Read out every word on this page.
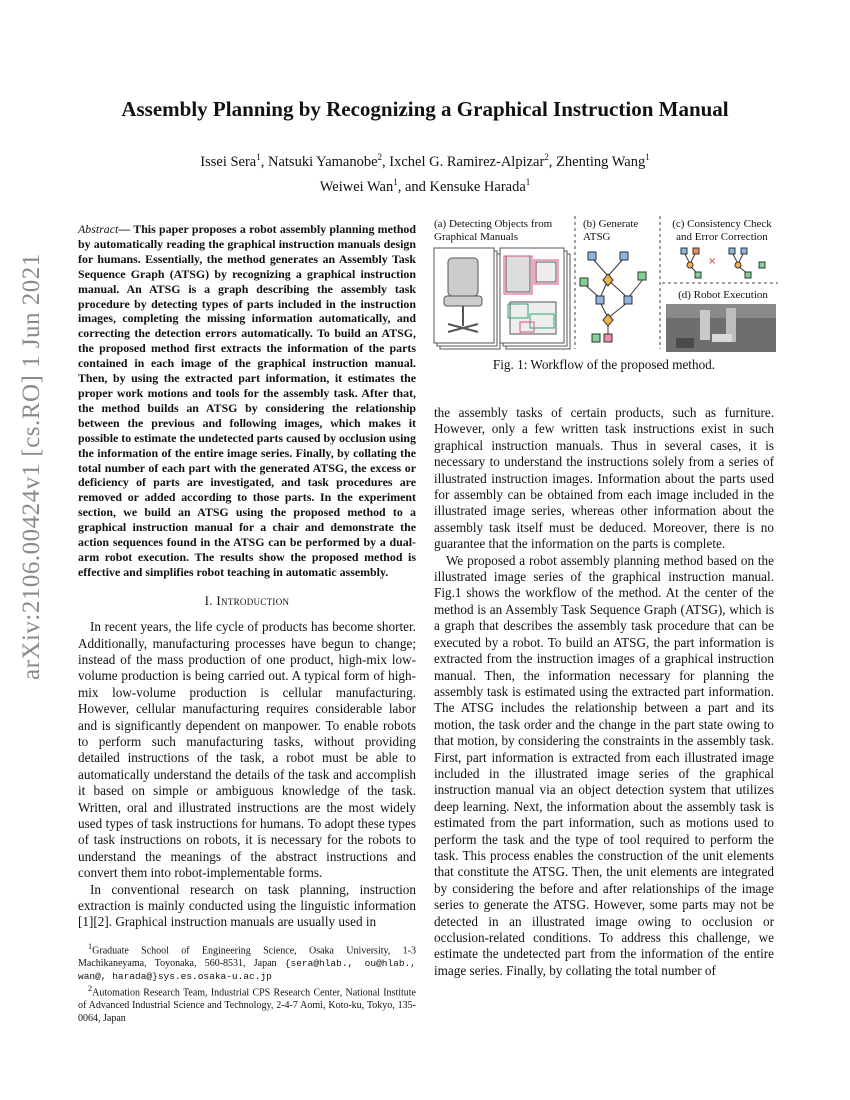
arXiv:2106.00424v1 [cs.RO] 1 Jun 2021
Assembly Planning by Recognizing a Graphical Instruction Manual
Issei Sera$^1$, Natsuki Yamanobe$^2$, Ixchel G. Ramirez-Alpizar$^2$, Zhenting Wang$^1$
Weiwei Wan$^1$, and Kensuke Harada$^1$

Abstract— This paper proposes a robot assembly planning method by automatically reading the graphical instruction manuals design for humans. Essentially, the method generates an Assembly Task Sequence Graph (ATSG) by recognizing a graphical instruction manual. An ATSG is a graph describing the assembly task procedure by detecting types of parts included in the instruction images, completing the missing information automatically, and correcting the detection errors automatically. To build an ATSG, the proposed method first extracts the information of the parts contained in each image of the graphical instruction manual. Then, by using the extracted part information, it estimates the proper work motions and tools for the assembly task. After that, the method builds an ATSG by considering the relationship between the previous and following images, which makes it possible to estimate the undetected parts caused by occlusion using the information of the entire image series. Finally, by collating the total number of each part with the generated ATSG, the excess or deficiency of parts are investigated, and task procedures are removed or added according to those parts. In the experiment section, we build an ATSG using the proposed method to a graphical instruction manual for a chair and demonstrate the action sequences found in the ATSG can be performed by a dual-arm robot execution. The results show the proposed method is effective and simplifies robot teaching in automatic assembly.

I. Introduction

In recent years, the life cycle of products has become shorter. Additionally, manufacturing processes have begun to change; instead of the mass production of one product, high-mix low-volume production is being carried out. A typical form of high-mix low-volume production is cellular manufacturing. However, cellular manufacturing requires considerable labor and is significantly dependent on manpower. To enable robots to perform such manufacturing tasks, without providing detailed instructions of the task, a robot must be able to automatically understand the details of the task and accomplish it based on simple or ambiguous knowledge of the task. Written, oral and illustrated instructions are the most widely used types of task instructions for humans. To adopt these types of task instructions on robots, it is necessary for the robots to understand the meanings of the abstract instructions and convert them into robot-implementable forms.

In conventional research on task planning, instruction extraction is mainly conducted using the linguistic information [1][2]. Graphical instruction manuals are usually used in

$^1$Graduate School of Engineering Science, Osaka University, 1-3 Machikaneyama, Toyonaka, 560-8531, Japan {sera@hlab., ou@hlab., wan@, harada@}sys.es.osaka-u.ac.jp

$^2$Automation Research Team, Industrial CPS Research Center, National Institute of Advanced Industrial Science and Technology, 2-4-7 Aomi, Koto-ku, Tokyo, 135-0064, Japan

(a) Detecting Objects from Graphical Manuals
(b) Generate ATSG
(c) Consistency Check and Error Correction
(d) Robot Execution
×
Fig. 1: Workflow of the proposed method.

the assembly tasks of certain products, such as furniture. However, only a few written task instructions exist in such graphical instruction manuals. Thus in several cases, it is necessary to understand the instructions solely from a series of illustrated instruction images. Information about the parts used for assembly can be obtained from each image included in the illustrated image series, whereas other information about the assembly task itself must be deduced. Moreover, there is no guarantee that the information on the parts is complete.

We proposed a robot assembly planning method based on the illustrated image series of the graphical instruction manual. Fig.1 shows the workflow of the method. At the center of the method is an Assembly Task Sequence Graph (ATSG), which is a graph that describes the assembly task procedure that can be executed by a robot. To build an ATSG, the part information is extracted from the instruction images of a graphical instruction manual. Then, the information necessary for planning the assembly task is estimated using the extracted part information. The ATSG includes the relationship between a part and its motion, the task order and the change in the part state owing to that motion, by considering the constraints in the assembly task. First, part information is extracted from each illustrated image included in the illustrated image series of the graphical instruction manual via an object detection system that utilizes deep learning. Next, the information about the assembly task is estimated from the part information, such as motions used to perform the task and the type of tool required to perform the task. This process enables the construction of the unit elements that constitute the ATSG. Then, the unit elements are integrated by considering the before and after relationships of the image series to generate the ATSG. However, some parts may not be detected in an illustrated image owing to occlusion or occlusion-related conditions. To address this challenge, we estimate the undetected part from the information of the entire image series. Finally, by collating the total number of
